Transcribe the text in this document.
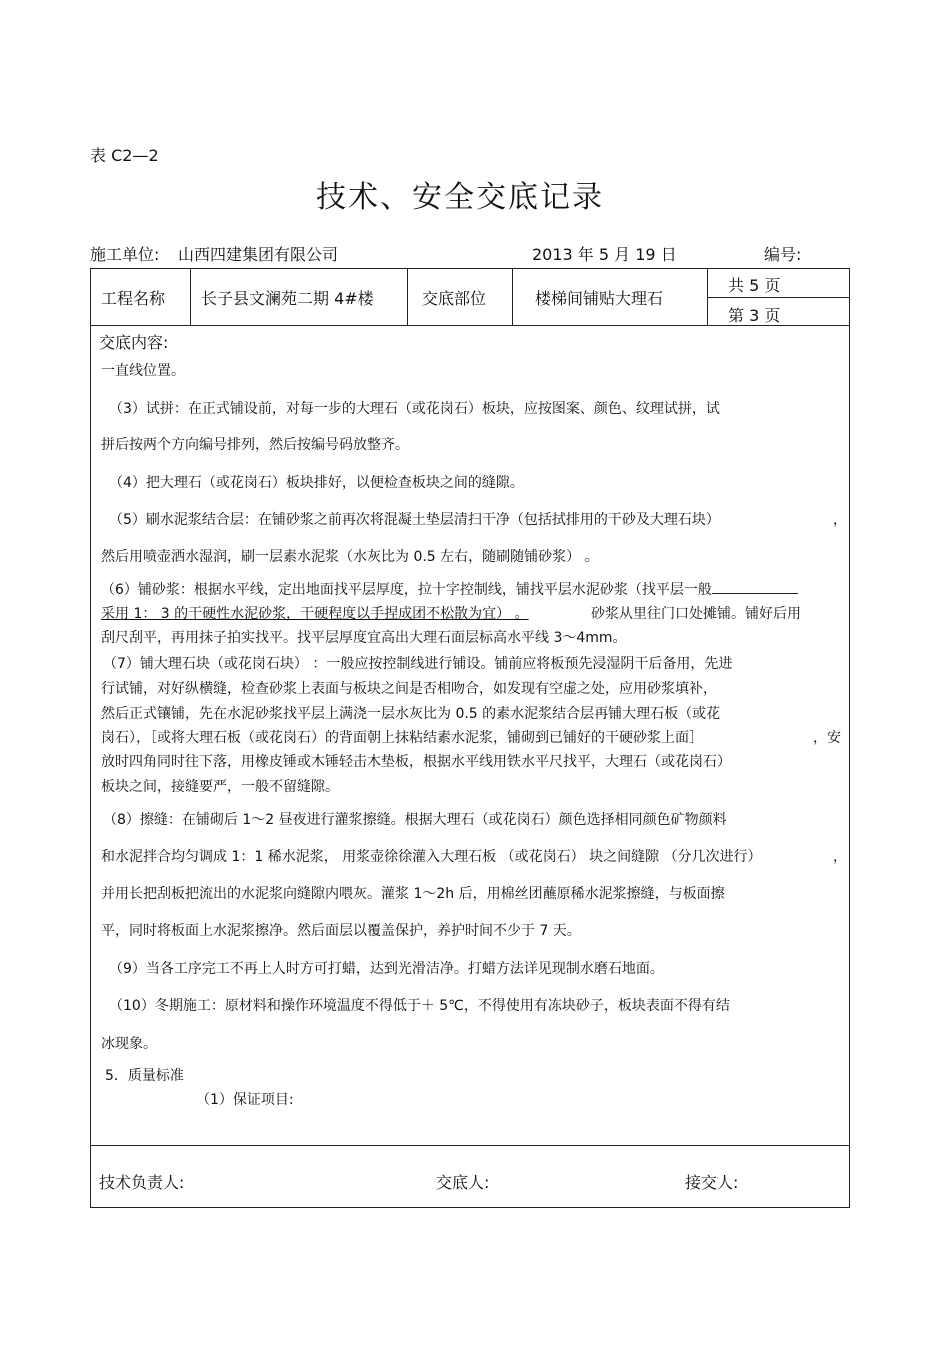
表 C2—2
技术、安全交底记录
施工单位: 山西四建集团有限公司	2013 年 5 月 19 日	编号:
工程名称 长子县文澜苑二期 4#楼	交底部位	楼梯间铺贴大理石
共 5 页
第 3 页
交底内容:
一直线位置。
（3）试拼：在正式铺设前，对每一步的大理石（或花岗石）板块，应按图案、颜色、纹理试拼，试
拼后按两个方向编号排列，然后按编号码放整齐。
（4）把大理石（或花岗石）板块排好，以便检查板块之间的缝隙。
（5）刷水泥浆结合层：在铺砂浆之前再次将混凝土垫层清扫干净（包括拭排用的干砂及大理石块）	，
然后用喷壶洒水湿润，刷一层素水泥浆（水灰比为 0.5 左右，随刷随铺砂浆） 。
（6）铺砂浆：根据水平线，定出地面找平层厚度，拉十字控制线，铺找平层水泥砂浆（找平层一般
采用 1： 3 的干硬性水泥砂浆，干硬程度以手捏成团不松散为宜） 。	砂浆从里往门口处摊铺。铺好后用
刮尺刮平，再用抹子拍实找平。找平层厚度宜高出大理石面层标高水平线 3～4mm。
（7）铺大理石块（或花岗石块） ：一般应按控制线进行铺设。铺前应将板预先浸湿阴干后备用，先进
行试铺，对好纵横缝，检查砂浆上表面与板块之间是否相吻合，如发现有空虚之处，应用砂浆填补，
然后正式镶铺，先在水泥砂浆找平层上满浇一层水灰比为 0.5 的素水泥浆结合层再铺大理石板（或花
岗石），［或将大理石板（或花岗石）的背面朝上抹粘结素水泥浆，铺砌到已铺好的干硬砂浆上面］	，安
放时四角同时往下落，用橡皮锤或木锤轻击木垫板，根据水平线用铁水平尺找平，大理石（或花岗石）
板块之间，接缝要严，一般不留缝隙。
（8）擦缝：在铺砌后 1～2 昼夜进行灌浆擦缝。根据大理石（或花岗石）颜色选择相同颜色矿物颜料
和水泥拌合均匀调成 1：1 稀水泥浆， 用浆壶徐徐灌入大理石板 （或花岗石） 块之间缝隙 （分几次进行）	，
并用长把刮板把流出的水泥浆向缝隙内喂灰。灌浆 1～2h 后，用棉丝团蘸原稀水泥浆擦缝，与板面擦
平，同时将板面上水泥浆擦净。然后面层以覆盖保护，养护时间不少于 7 天。
（9）当各工序完工不再上人时方可打蜡，达到光滑洁净。打蜡方法详见现制水磨石地面。
（10）冬期施工：原材料和操作环境温度不得低于＋ 5℃，不得使用有冻块砂子，板块表面不得有结
冰现象。
5．质量标准
（1）保证项目:
技术负责人:	交底人:	接交人:
